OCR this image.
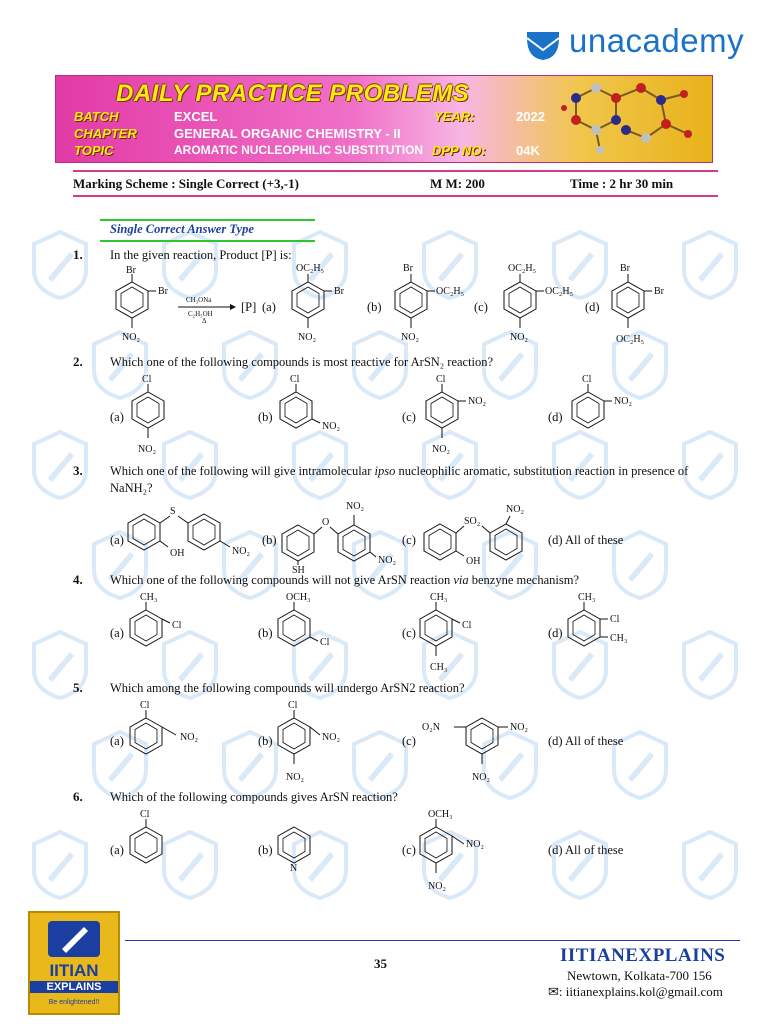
unacademy
DAILY PRACTICE PROBLEMS
BATCH	EXCEL	YEAR:	2022
CHAPTER	GENERAL ORGANIC CHEMISTRY - II
TOPIC	AROMATIC NUCLEOPHILIC SUBSTITUTION DPP NO: 04K
Marking Scheme : Single Correct (+3,-1)	M M: 200	Time : 2 hr 30 min
Single Correct Answer Type
1. In the given reaction, Product [P] is:
Br
Br
NO₂
CH₃ONa
C₂H₅OH
Δ
[P] (a)
OC₂H₅
Br
NO₂
(b)
Br
OC₂H₅
NO₂
(c)
OC₂H₅
OC₂H₅
NO₂
(d)
Br
Br
OC₂H₅
2. Which one of the following compounds is most reactive for ArSN₂ reaction?
(a)
Cl
NO₂
(b)
Cl
NO₂
(c)
Cl
NO₂
NO₂
(d)
Cl
NO₂
3. Which one of the following will give intramolecular ipso nucleophilic aromatic, substitution reaction in presence of NaNH₂?
(a)
S
OH	NO₂
(b)
O
NO₂
NO₂
SH
(c)
SO₂
NO₂
OH
(d) All of these
4. Which one of the following compounds will not give ArSN reaction via benzyne mechanism?
(a)
CH₃
Cl
(b)
OCH₃
Cl
(c)
CH₃
Cl
CH₃
(d)
CH₃
Cl
CH₃
5. Which among the following compounds will undergo ArSN2 reaction?
(a)
Cl
NO₂	(b)
Cl
NO₂
NO₂
(c)
O₂N	NO₂
NO₂
(d) All of these
6. Which of the following compounds gives ArSN reaction?
(a)
Cl
(b)
N
(c)
OCH₃
NO₂
NO₂
(d) All of these
IITIAN
EXPLAINS
Be enlightened!!
35	IITIANEXPLAINS
Newtown, Kolkata-700 156
✉: iitianexplains.kol@gmail.com
